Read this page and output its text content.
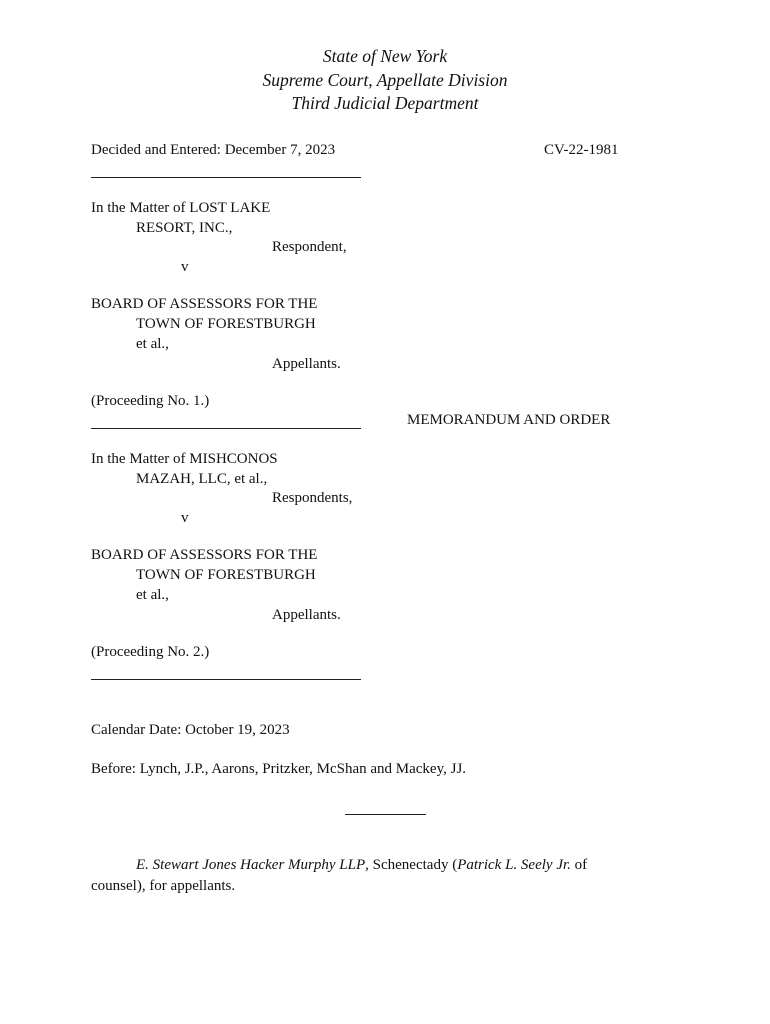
State of New York
Supreme Court, Appellate Division
Third Judicial Department
Decided and Entered: December 7, 2023	CV-22-1981
In the Matter of LOST LAKE
RESORT, INC.,
Respondent,
v
BOARD OF ASSESSORS FOR THE
TOWN OF FORESTBURGH
et al.,
Appellants.
(Proceeding No. 1.)
MEMORANDUM AND ORDER
In the Matter of MISHCONOS
MAZAH, LLC, et al.,
Respondents,
v
BOARD OF ASSESSORS FOR THE
TOWN OF FORESTBURGH
et al.,
Appellants.
(Proceeding No. 2.)
Calendar Date: October 19, 2023
Before: Lynch, J.P., Aarons, Pritzker, McShan and Mackey, JJ.
E. Stewart Jones Hacker Murphy LLP, Schenectady (Patrick L. Seely Jr. of
counsel), for appellants.
